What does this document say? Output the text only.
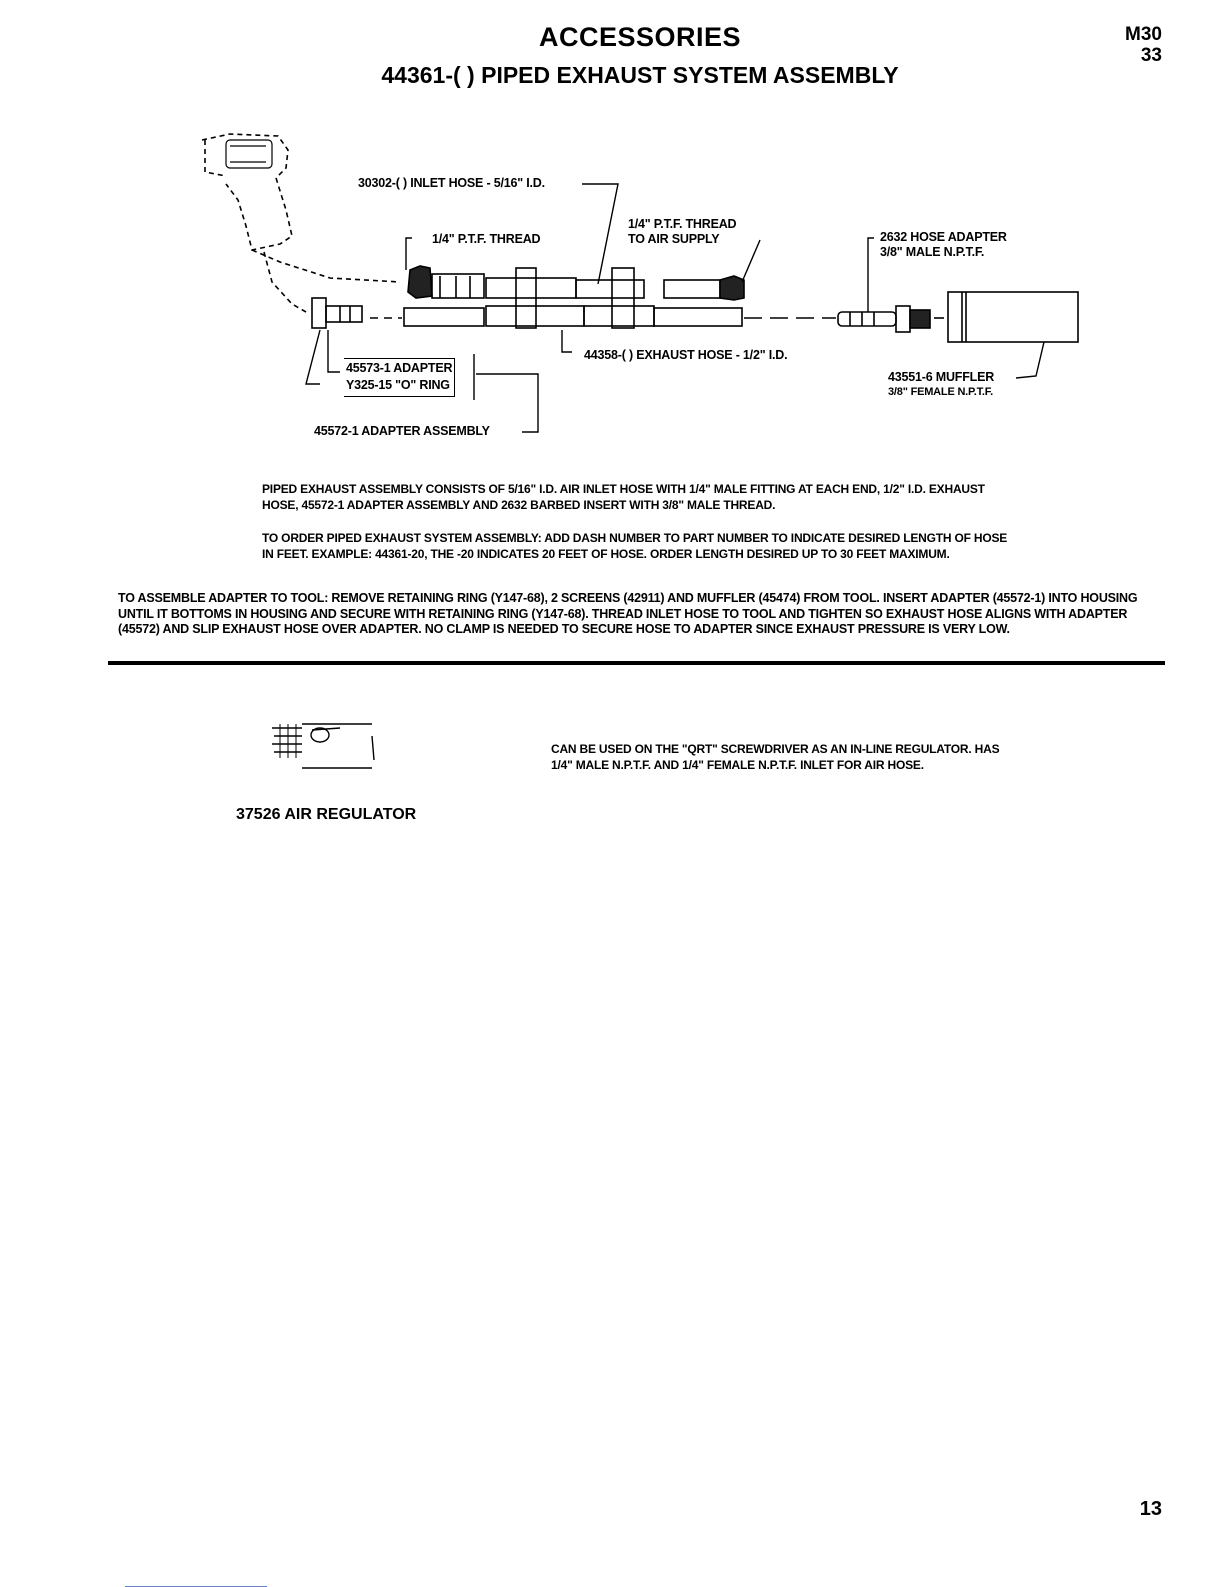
ACCESSORIES
44361-( ) PIPED EXHAUST SYSTEM ASSEMBLY
M30
33
30302-( ) INLET HOSE - 5/16" I.D.
1/4" P.T.F. THREAD
1/4" P.T.F. THREAD
TO AIR SUPPLY	2632 HOSE ADAPTER
3/8" MALE N.P.T.F.
45573-1 ADAPTER
Y325-15 "O" RING
44358-( ) EXHAUST HOSE - 1/2" I.D.
43551-6 MUFFLER
3/8" FEMALE N.P.T.F.
45572-1 ADAPTER ASSEMBLY
PIPED EXHAUST ASSEMBLY CONSISTS OF 5/16" I.D. AIR INLET HOSE WITH 1/4" MALE FITTING AT EACH END, 1/2" I.D. EXHAUST HOSE, 45572-1 ADAPTER ASSEMBLY AND 2632 BARBED INSERT WITH 3/8" MALE THREAD.
TO ORDER PIPED EXHAUST SYSTEM ASSEMBLY: ADD DASH NUMBER TO PART NUMBER TO INDICATE DESIRED LENGTH OF HOSE IN FEET. EXAMPLE: 44361-20, THE -20 INDICATES 20 FEET OF HOSE. ORDER LENGTH DESIRED UP TO 30 FEET MAXIMUM.
TO ASSEMBLE ADAPTER TO TOOL: REMOVE RETAINING RING (Y147-68), 2 SCREENS (42911) AND MUFFLER (45474) FROM TOOL. INSERT ADAPTER (45572-1) INTO HOUSING UNTIL IT BOTTOMS IN HOUSING AND SECURE WITH RETAINING RING (Y147-68). THREAD INLET HOSE TO TOOL AND TIGHTEN SO EXHAUST HOSE ALIGNS WITH ADAPTER (45572) AND SLIP EXHAUST HOSE OVER ADAPTER. NO CLAMP IS NEEDED TO SECURE HOSE TO ADAPTER SINCE EXHAUST PRESSURE IS VERY LOW.
37526 AIR REGULATOR
CAN BE USED ON THE "QRT" SCREWDRIVER AS AN IN-LINE REGULATOR. HAS 1/4" MALE N.P.T.F. AND 1/4" FEMALE N.P.T.F. INLET FOR AIR HOSE.
13
